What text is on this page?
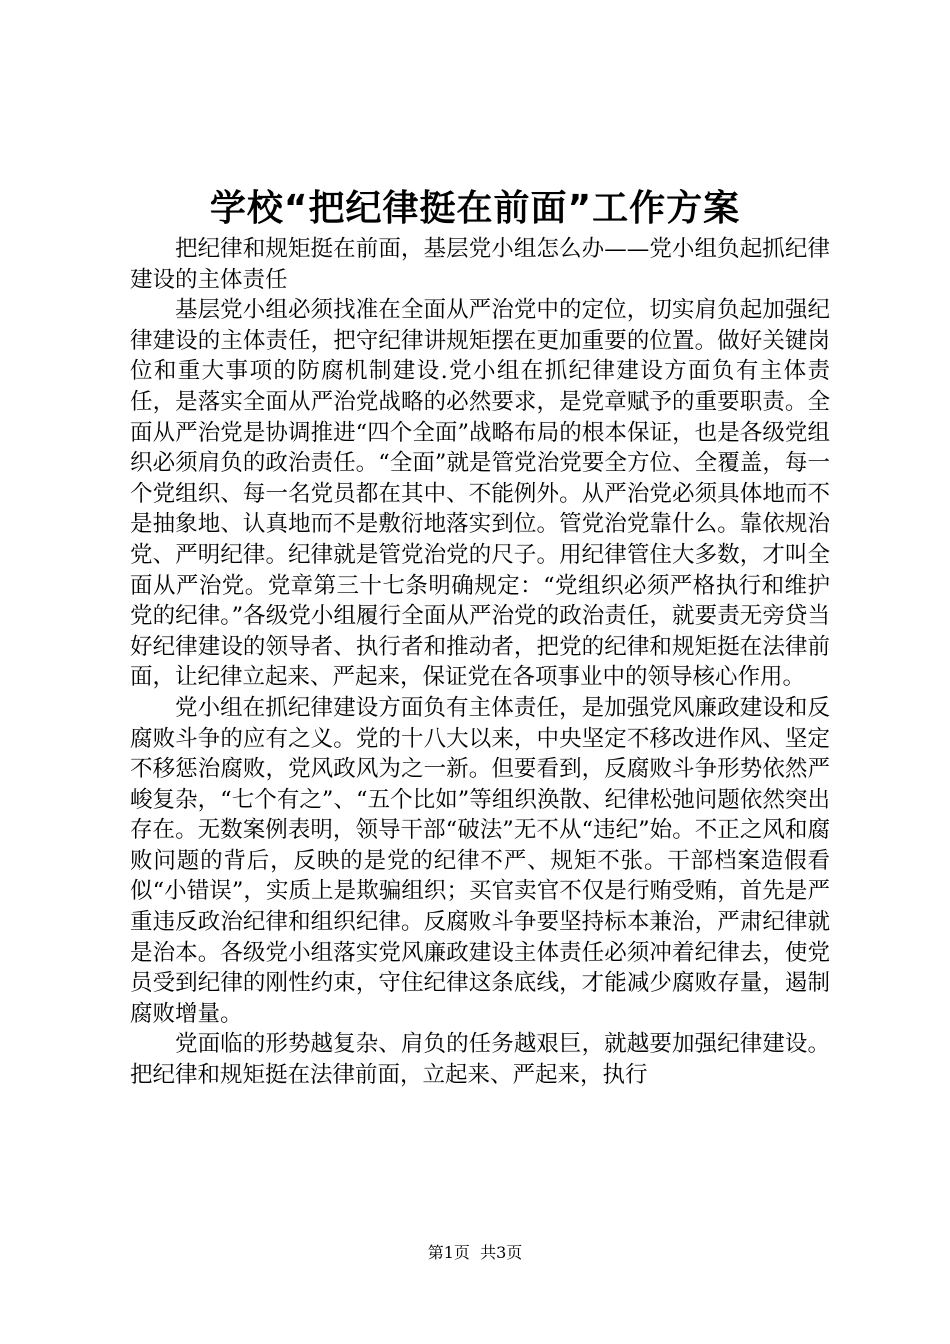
学校“把纪律挺在前面”工作方案

把纪律和规矩挺在前面，基层党小组怎么办——党小组负起抓纪律建设的主体责任

基层党小组必须找准在全面从严治党中的定位，切实肩负起加强纪律建设的主体责任，把守纪律讲规矩摆在更加重要的位置。做好关键岗位和重大事项的防腐机制建设.党小组在抓纪律建设方面负有主体责任，是落实全面从严治党战略的必然要求，是党章赋予的重要职责。全面从严治党是协调推进“四个全面”战略布局的根本保证，也是各级党组织必须肩负的政治责任。“全面”就是管党治党要全方位、全覆盖，每一个党组织、每一名党员都在其中、不能例外。从严治党必须具体地而不是抽象地、认真地而不是敷衍地落实到位。管党治党靠什么。靠依规治党、严明纪律。纪律就是管党治党的尺子。用纪律管住大多数，才叫全面从严治党。党章第三十七条明确规定：“党组织必须严格执行和维护党的纪律。”各级党小组履行全面从严治党的政治责任，就要责无旁贷当好纪律建设的领导者、执行者和推动者，把党的纪律和规矩挺在法律前面，让纪律立起来、严起来，保证党在各项事业中的领导核心作用。

党小组在抓纪律建设方面负有主体责任，是加强党风廉政建设和反腐败斗争的应有之义。党的十八大以来，中央坚定不移改进作风、坚定不移惩治腐败，党风政风为之一新。但要看到，反腐败斗争形势依然严峻复杂，“七个有之”、“五个比如”等组织涣散、纪律松弛问题依然突出存在。无数案例表明，领导干部“破法”无不从“违纪”始。不正之风和腐败问题的背后，反映的是党的纪律不严、规矩不张。干部档案造假看似“小错误”，实质上是欺骗组织；买官卖官不仅是行贿受贿，首先是严重违反政治纪律和组织纪律。反腐败斗争要坚持标本兼治，严肃纪律就是治本。各级党小组落实党风廉政建设主体责任必须冲着纪律去，使党员受到纪律的刚性约束，守住纪律这条底线，才能减少腐败存量，遏制腐败增量。

党面临的形势越复杂、肩负的任务越艰巨，就越要加强纪律建设。把纪律和规矩挺在法律前面，立起来、严起来，执行

第1页  共3页
